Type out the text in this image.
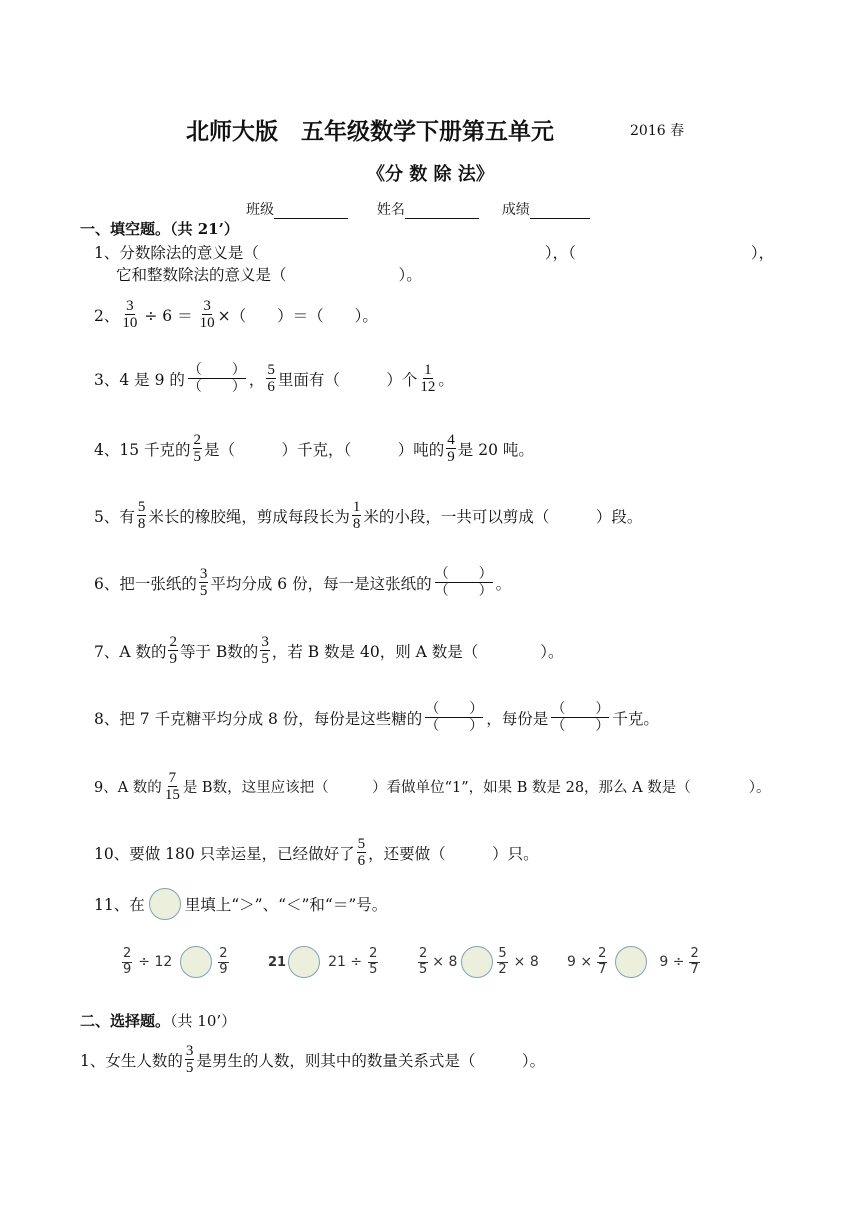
北师大版　五年级数学下册第五单元	2016 春
《分 数 除 法》
班级	姓名	成绩
一、填空题。（共 21’）
1、分数除法的意义是（	），（	），
它和整数除法的意义是（	）。
2、 $\frac{3}{10} \div 6 = \frac{3}{10}$ ×（　　）＝（　　）。
3、4 是 9 的
（ ）
（ ） ， $\frac{5}{6}$ 里面有（　　　）个 $\frac{1}{12}$ 。
4、15 千克的 $\frac{2}{5}$ 是（　　　）千克，（　　　）吨的 $\frac{4}{9}$ 是 20 吨。
5、有 $\frac{5}{8}$ 米长的橡胶绳，剪成每段长为 $\frac{1}{8}$ 米的小段，一共可以剪成（　　　）段。
6、把一张纸的 $\frac{3}{5}$ 平均分成 6 份，每一是这张纸的
（ ）
（ ） 。
7、A 数的 $\frac{2}{9}$ 等于 B数的 $\frac{3}{5}$ ，若 B 数是 40，则 A 数是（　　　　）。
8、把 7 千克糖平均分成 8 份，每份是这些糖的
（ ）
（ ） ，每份是
（ ）
（ ） 千克。
9、A 数的 $\frac{7}{15}$ 是 B数，这里应该把（　　　）看做单位“1”，如果 B 数是 28，那么 A 数是（　　　　）。
10、要做 180 只幸运星，已经做好了 $\frac{5}{6}$ ，还要做（　　　）只。
11、在	里填上“＞”、“＜”和“＝”号。
$\frac{2}{9} \div 12$	$\frac{2}{9}$	21	$21 \div \frac{2}{5}$	$\frac{2}{5} \times 8$	$\frac{5}{2} \times 8$ $9 \times \frac{2}{7}$	$9 \div \frac{2}{7}$
二、选择题。（共 10’）
1、女生人数的 $\frac{3}{5}$ 是男生的人数，则其中的数量关系式是（　　　）。
